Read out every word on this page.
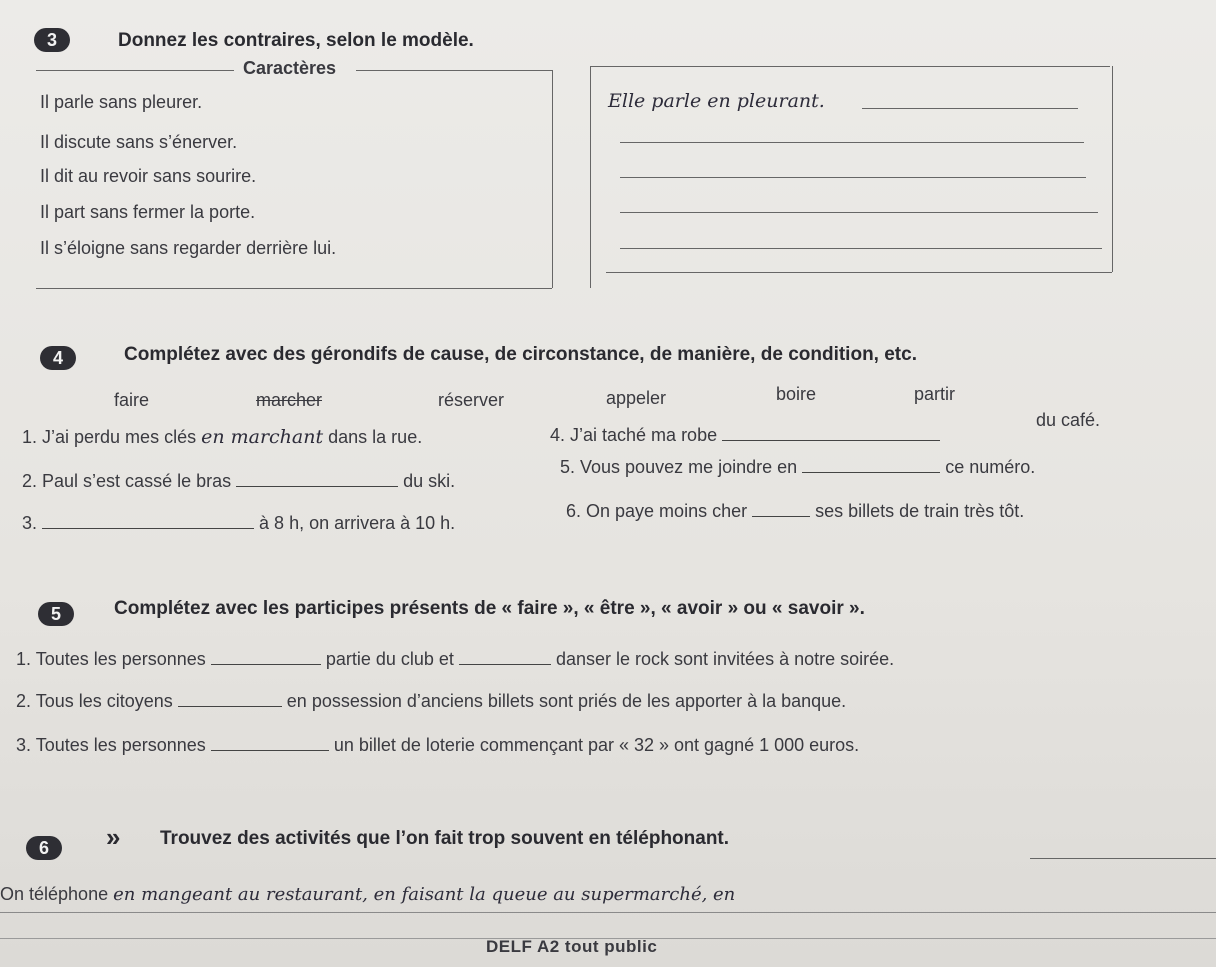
3	Donnez les contraires, selon le modèle.
Caractères
Il parle sans pleurer.
Il discute sans s’énerver.
Il dit au revoir sans sourire.
Il part sans fermer la porte.
Il s’éloigne sans regarder derrière lui.
Elle parle en pleurant.
4	Complétez avec des gérondifs de cause, de circonstance, de manière, de condition, etc.
faire	marcher	réserver	appeler	boire	partir
1. J’ai perdu mes clés en marchant dans la rue.
2. Paul s’est cassé le bras	du ski.
3.	à 8 h, on arrivera à 10 h.
4. J’ai taché ma robe
du café.
5. Vous pouvez me joindre en	ce numéro.
6. On paye moins cher	ses billets de train très tôt.
5	Complétez avec les participes présents de « faire », « être », « avoir » ou « savoir ».
1. Toutes les personnes	partie du club et	danser le rock sont invitées à notre soirée.
2. Tous les citoyens	en possession d’anciens billets sont priés de les apporter à la banque.
3. Toutes les personnes	un billet de loterie commençant par « 32 » ont gagné 1 000 euros.
6	» Trouvez des activités que l’on fait trop souvent en téléphonant.
On téléphone en mangeant au restaurant, en faisant la queue au supermarché, en
DELF A2 tout public
